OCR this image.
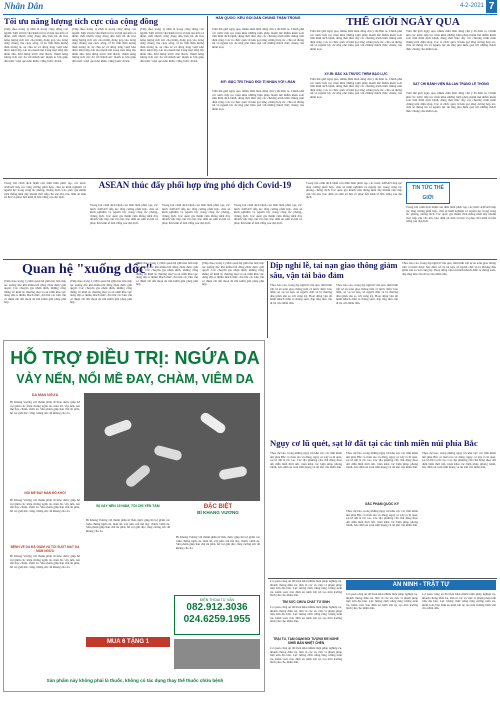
Nhân Dân	4-2-2021 7
Tối ưu năng lượng tích cực của cộng đồng
(Tiếp theo trang 1) nhất là trong công đồng con người. Một xã hội vận hành tốt là xã hội mà mỗi cá nhân, mỗi nhóm cộng đồng đều biết tối ưu hóa năng lượng tích cực của mình, đóng góp vào dòng chảy chung của cuộc sống. Ở đó tinh thần tương thân tương ái, sự chia sẻ và đồng lòng vượt khó được khơi dậy, lan tỏa mạnh mẽ trong mọi tầng lớp nhân dân. Khi đứng trước thử thách, chính năng lượng tích cực đó trở thành sức mạnh to lớn giúp đất nước vượt qua khó khăn, vững bước đi lên.
(Tiếp theo trang 1) nhất là trong công đồng con người. Một xã hội vận hành tốt là xã hội mà mỗi cá nhân, mỗi nhóm cộng đồng đều biết tối ưu hóa năng lượng tích cực của mình, đóng góp vào dòng chảy chung của cuộc sống. Ở đó tinh thần tương thân tương ái, sự chia sẻ và đồng lòng vượt khó được khơi dậy, lan tỏa mạnh mẽ trong mọi tầng lớp nhân dân. Khi đứng trước thử thách, chính năng lượng tích cực đó trở thành sức mạnh to lớn giúp đất nước vượt qua khó khăn, vững bước đi lên.
(Tiếp theo trang 1) nhất là trong công đồng con người. Một xã hội vận hành tốt là xã hội mà mỗi cá nhân, mỗi nhóm cộng đồng đều biết tối ưu hóa năng lượng tích cực của mình, đóng góp vào dòng chảy chung của cuộc sống. Ở đó tinh thần tương thân tương ái, sự chia sẻ và đồng lòng vượt khó được khơi dậy, lan tỏa mạnh mẽ trong mọi tầng lớp nhân dân. Khi đứng trước thử thách, chính năng lượng tích cực đó trở thành sức mạnh to lớn giúp đất nước vượt qua khó khăn, vững bước đi lên.
THẾ GIỚI NGÀY QUA
HÀN QUỐC: KÊU GỌI DÂN CHÚNG THẬN TRỌNG
Trên thế giới ngày qua, nhiều diễn biến đáng chú ý đã diễn ra. Chính phủ các nước tiếp tục triển khai những biện pháp mạnh mẽ nhằm kiểm soát tình hình dịch bệnh, đồng thời thúc đẩy các chương trình tiêm chủng trên diện rộng. Các tổ chức quốc tế kêu gọi tăng cường hợp tác, chia sẻ thông tin và nguồn lực để ứng phó hiệu quả với những thách thức chung của nhân loại.
MỸ: BẮC TRI THAO ĐỐI TÍ NHÂN VỚI I-RAN
Trên thế giới ngày qua, nhiều diễn biến đáng chú ý đã diễn ra. Chính phủ các nước tiếp tục triển khai những biện pháp mạnh mẽ nhằm kiểm soát tình hình dịch bệnh, đồng thời thúc đẩy các chương trình tiêm chủng trên diện rộng. Các tổ chức quốc tế kêu gọi tăng cường hợp tác, chia sẻ thông tin và nguồn lực để ứng phó hiệu quả với những thách thức chung của nhân loại.
Trên thế giới ngày qua, nhiều diễn biến đáng chú ý đã diễn ra. Chính phủ các nước tiếp tục triển khai những biện pháp mạnh mẽ nhằm kiểm soát tình hình dịch bệnh, đồng thời thúc đẩy các chương trình tiêm chủng trên diện rộng. Các tổ chức quốc tế kêu gọi tăng cường hợp tác, chia sẻ thông tin và nguồn lực để ứng phó hiệu quả với những thách thức chung của nhân loại.
XY-RI: BẮC XA TRƯỚC THÊM BẠO LỰC
Trên thế giới ngày qua, nhiều diễn biến đáng chú ý đã diễn ra. Chính phủ các nước tiếp tục triển khai những biện pháp mạnh mẽ nhằm kiểm soát tình hình dịch bệnh, đồng thời thúc đẩy các chương trình tiêm chủng trên diện rộng. Các tổ chức quốc tế kêu gọi tăng cường hợp tác, chia sẻ thông tin và nguồn lực để ứng phó hiệu quả với những thách thức chung của nhân loại.
Trên thế giới ngày qua, nhiều diễn biến đáng chú ý đã diễn ra. Chính phủ các nước tiếp tục triển khai những biện pháp mạnh mẽ nhằm kiểm soát tình hình dịch bệnh, đồng thời thúc đẩy các chương trình tiêm chủng trên diện rộng. Các tổ chức quốc tế kêu gọi tăng cường hợp tác, chia sẻ thông tin và nguồn lực để ứng phó hiệu quả với những thách thức chung của nhân loại.
SÁT CHỈ BẮNH VIỆN BA LAN TRÁNG LÊ THÔNG
Trên thế giới ngày qua, nhiều diễn biến đáng chú ý đã diễn ra. Chính phủ các nước tiếp tục triển khai những biện pháp mạnh mẽ nhằm kiểm soát tình hình dịch bệnh, đồng thời thúc đẩy các chương trình tiêm chủng trên diện rộng. Các tổ chức quốc tế kêu gọi tăng cường hợp tác, chia sẻ thông tin và nguồn lực để ứng phó hiệu quả với những thách thức chung của nhân loại.
ASEAN thúc đẩy phối hợp ứng phó dịch Covid-19	TIN TỨC THẾ GIỚI
Trong bối cảnh dịch bệnh còn diễn biến phức tạp, các nước ASEAN tiếp tục tăng cường phối hợp, chia sẻ kinh nghiệm và nguồn lực trong công tác phòng, chống dịch. Các quốc gia thành viên thống nhất đẩy nhanh việc tiếp cận vắc-xin, bảo đảm an sinh xã hội và phục hồi kinh tế bền vững sau đại dịch.
Trong bối cảnh dịch bệnh còn diễn biến phức tạp, các nước ASEAN tiếp tục tăng cường phối hợp, chia sẻ kinh nghiệm và nguồn lực trong công tác phòng, chống dịch. Các quốc gia thành viên thống nhất đẩy nhanh việc tiếp cận vắc-xin, bảo đảm an sinh xã hội và phục hồi kinh tế bền vững sau đại dịch.
Trong bối cảnh dịch bệnh còn diễn biến phức tạp, các nước ASEAN tiếp tục tăng cường phối hợp, chia sẻ kinh nghiệm và nguồn lực trong công tác phòng, chống dịch. Các quốc gia thành viên thống nhất đẩy nhanh việc tiếp cận vắc-xin, bảo đảm an sinh xã hội và phục hồi kinh tế bền vững sau đại dịch.
Trong bối cảnh dịch bệnh còn diễn biến phức tạp, các nước ASEAN tiếp tục tăng cường phối hợp, chia sẻ kinh nghiệm và nguồn lực trong công tác phòng, chống dịch. Các quốc gia thành viên thống nhất đẩy nhanh việc tiếp cận vắc-xin, bảo đảm an sinh xã hội và phục hồi kinh tế bền vững sau đại dịch.
Trong bối cảnh dịch bệnh còn diễn biến phức tạp, các nước ASEAN tiếp tục tăng cường phối hợp, chia sẻ kinh nghiệm và nguồn lực trong công tác phòng, chống dịch. Các quốc gia thành viên thống nhất đẩy nhanh việc tiếp cận vắc-xin, bảo đảm an sinh xã hội và phục hồi kinh tế bền vững sau đại dịch.
Trong bối cảnh dịch bệnh còn diễn biến phức tạp, các nước ASEAN tiếp tục tăng cường phối hợp, chia sẻ kinh nghiệm và nguồn lực trong công tác phòng, chống dịch. Các quốc gia thành viên thống nhất đẩy nhanh việc tiếp cận vắc-xin, bảo đảm an sinh xã hội và phục hồi kinh tế bền vững sau đại dịch.
Quan hệ "xuống dốc"
(Tiếp theo trang 1) Mối quan hệ giữa hai bên tiếp tục xuống dốc khi nhiều bất đồng chưa được giải quyết. Các chuyên gia nhận định, những căng thẳng về kinh tế, thương mại và an ninh khu vực đang đặt ra nhiều thách thức, đòi hỏi các bên cần có thiện chí đối thoại để tìm kiếm giải pháp phù hợp.
(Tiếp theo trang 1) Mối quan hệ giữa hai bên tiếp tục xuống dốc khi nhiều bất đồng chưa được giải quyết. Các chuyên gia nhận định, những căng thẳng về kinh tế, thương mại và an ninh khu vực đang đặt ra nhiều thách thức, đòi hỏi các bên cần có thiện chí đối thoại để tìm kiếm giải pháp phù hợp.
(Tiếp theo trang 1) Mối quan hệ giữa hai bên tiếp tục xuống dốc khi nhiều bất đồng chưa được giải quyết. Các chuyên gia nhận định, những căng thẳng về kinh tế, thương mại và an ninh khu vực đang đặt ra nhiều thách thức, đòi hỏi các bên cần có thiện chí đối thoại để tìm kiếm giải pháp phù hợp.
(Tiếp theo trang 1) Mối quan hệ giữa hai bên tiếp tục xuống dốc khi nhiều bất đồng chưa được giải quyết. Các chuyên gia nhận định, những căng thẳng về kinh tế, thương mại và an ninh khu vực đang đặt ra nhiều thách thức, đòi hỏi các bên cần có thiện chí đối thoại để tìm kiếm giải pháp phù hợp.
Dịp nghỉ lễ, tai nạn giao thông giảm sâu, vận tải bảo đảm
Theo báo cáo, trong dịp nghỉ lễ vừa qua, tình hình trật tự an toàn giao thông trên cả nước được bảo đảm, số vụ tai nạn, số người chết và bị thương đều giảm sâu so với cùng kỳ. Hoạt động vận tải hành khách diễn ra thông suốt, đáp ứng nhu cầu đi lại của nhân dân.
Theo báo cáo, trong dịp nghỉ lễ vừa qua, tình hình trật tự an toàn giao thông trên cả nước được bảo đảm, số vụ tai nạn, số người chết và bị thương đều giảm sâu so với cùng kỳ. Hoạt động vận tải hành khách diễn ra thông suốt, đáp ứng nhu cầu đi lại của nhân dân.
Theo báo cáo, trong dịp nghỉ lễ vừa qua, tình hình trật tự an toàn giao thông trên cả nước được bảo đảm, số vụ tai nạn, số người chết và bị thương đều giảm sâu so với cùng kỳ. Hoạt động vận tải hành khách diễn ra thông suốt, đáp ứng nhu cầu đi lại của nhân dân.
HỖ TRỢ ĐIỀU TRỊ: NGỨA DA
VẢY NẾN, NỔI MỀ ĐAY, CHÀM, VIÊM DA
DA MẨN NGỨA
Bì Khang Vương với thành phần từ thảo dược giúp hỗ trợ giảm các triệu chứng ngứa da, mẩn đỏ, vảy nến, nổi mề đay, chàm, viêm da. Sản phẩm giúp hạn chế tái phát, hỗ trợ giải độc, tăng cường sức đề kháng cho da.
NỔI MỀ ĐAY MẨN ĐỎ KHỎI
Bì Khang Vương với thành phần từ thảo dược giúp hỗ trợ giảm các triệu chứng ngứa da, mẩn đỏ, vảy nến, nổi mề đay, chàm, viêm da. Sản phẩm giúp hạn chế tái phát, hỗ trợ giải độc, tăng cường sức đề kháng cho da.
BỆNH VỀ DA ĐÃ GIẢM VÀ TÔI SUỐT MẤT DA MẨN NGỨA
Bì Khang Vương với thành phần từ thảo dược giúp hỗ trợ giảm các triệu chứng ngứa da, mẩn đỏ, vảy nến, nổi mề đay, chàm, viêm da. Sản phẩm giúp hạn chế tái phát, hỗ trợ giải độc, tăng cường sức đề kháng cho da.
BỊ VẢY NẾN 15 NĂM, TÔI CHỈ YÊN TÂM
Bì Khang Vương với thành phần từ thảo dược giúp hỗ trợ giảm các triệu chứng ngứa da, mẩn đỏ, vảy nến, nổi mề đay, chàm, viêm da. Sản phẩm giúp hạn chế tái phát, hỗ trợ giải độc, tăng cường sức đề kháng cho da.
ĐẶC BIỆT
BÌ KHANG VƯƠNG
Bì Khang Vương với thành phần từ thảo dược giúp hỗ trợ giảm các triệu chứng ngứa da, mẩn đỏ, vảy nến, nổi mề đay, chàm, viêm da. Sản phẩm giúp hạn chế tái phát, hỗ trợ giải độc, tăng cường sức đề kháng cho da.
ĐIỆN THOẠI TƯ VẤN
082.912.3036
024.6259.1955
MUA 6 TẶNG 1
Sản phẩm này không phải là thuốc, không có tác dụng thay thế thuốc chữa bệnh
Ngụy cơ lũ quét, sạt lở đất tại các tỉnh miền núi phía Bắc
Theo dự báo, trong những ngày tới khu vực các tỉnh miền núi phía Bắc có mưa rào và dông, nguy cơ xảy ra lũ quét, sạt lở đất là rất cao. Các địa phương cần chủ động theo dõi diễn biến thời tiết, triển khai các biện pháp phòng tránh, bảo đảm an toàn tính mạng và tài sản của nhân dân.
Theo dự báo, trong những ngày tới khu vực các tỉnh miền núi phía Bắc có mưa rào và dông, nguy cơ xảy ra lũ quét, sạt lở đất là rất cao. Các địa phương cần chủ động theo dõi diễn biến thời tiết, triển khai các biện pháp phòng tránh, bảo đảm an toàn tính mạng và tài sản của nhân dân.
XÃC PHẠM QUỐC KỲ
Theo dự báo, trong những ngày tới khu vực các tỉnh miền núi phía Bắc có mưa rào và dông, nguy cơ xảy ra lũ quét, sạt lở đất là rất cao. Các địa phương cần chủ động theo dõi diễn biến thời tiết, triển khai các biện pháp phòng tránh, bảo đảm an toàn tính mạng và tài sản của nhân dân.
Theo dự báo, trong những ngày tới khu vực các tỉnh miền núi phía Bắc có mưa rào và dông, nguy cơ xảy ra lũ quét, sạt lở đất là rất cao. Các địa phương cần chủ động theo dõi diễn biến thời tiết, triển khai các biện pháp phòng tránh, bảo đảm an toàn tính mạng và tài sản của nhân dân.
AN NINH - TRẬT TỰ
Cơ quan công an đã triển khai nhiều biện pháp nghiệp vụ, nhanh chóng điều tra, làm rõ các vụ việc vi phạm pháp luật trên địa bàn. Lực lượng chức năng tăng cường tuần tra, kiểm soát, bảo đảm an ninh trật tự, tạo môi trường bình yên cho nhân dân.
TÌM SỨC CHỨA CHẤT TỨ SINH
Cơ quan công an đã triển khai nhiều biện pháp nghiệp vụ, nhanh chóng điều tra, làm rõ các vụ việc vi phạm pháp luật trên địa bàn. Lực lượng chức năng tăng cường tuần tra, kiểm soát, bảo đảm an ninh trật tự, tạo môi trường bình yên cho nhân dân.
TRẠI TÙ, TẠM GIAM ĐỔI TƯỢNG ĐỂ NGHỀ SIHÉI BẢN NHIỆT CHÉN
Cơ quan công an đã triển khai nhiều biện pháp nghiệp vụ, nhanh chóng điều tra, làm rõ các vụ việc vi phạm pháp luật trên địa bàn. Lực lượng chức năng tăng cường tuần tra, kiểm soát, bảo đảm an ninh trật tự, tạo môi trường bình yên cho nhân dân.
Cơ quan công an đã triển khai nhiều biện pháp nghiệp vụ, nhanh chóng điều tra, làm rõ các vụ việc vi phạm pháp luật trên địa bàn. Lực lượng chức năng tăng cường tuần tra, kiểm soát, bảo đảm an ninh trật tự, tạo môi trường bình yên cho nhân dân.
Cơ quan công an đã triển khai nhiều biện pháp nghiệp vụ, nhanh chóng điều tra, làm rõ các vụ việc vi phạm pháp luật trên địa bàn. Lực lượng chức năng tăng cường tuần tra, kiểm soát, bảo đảm an ninh trật tự, tạo môi trường bình yên cho nhân dân.
